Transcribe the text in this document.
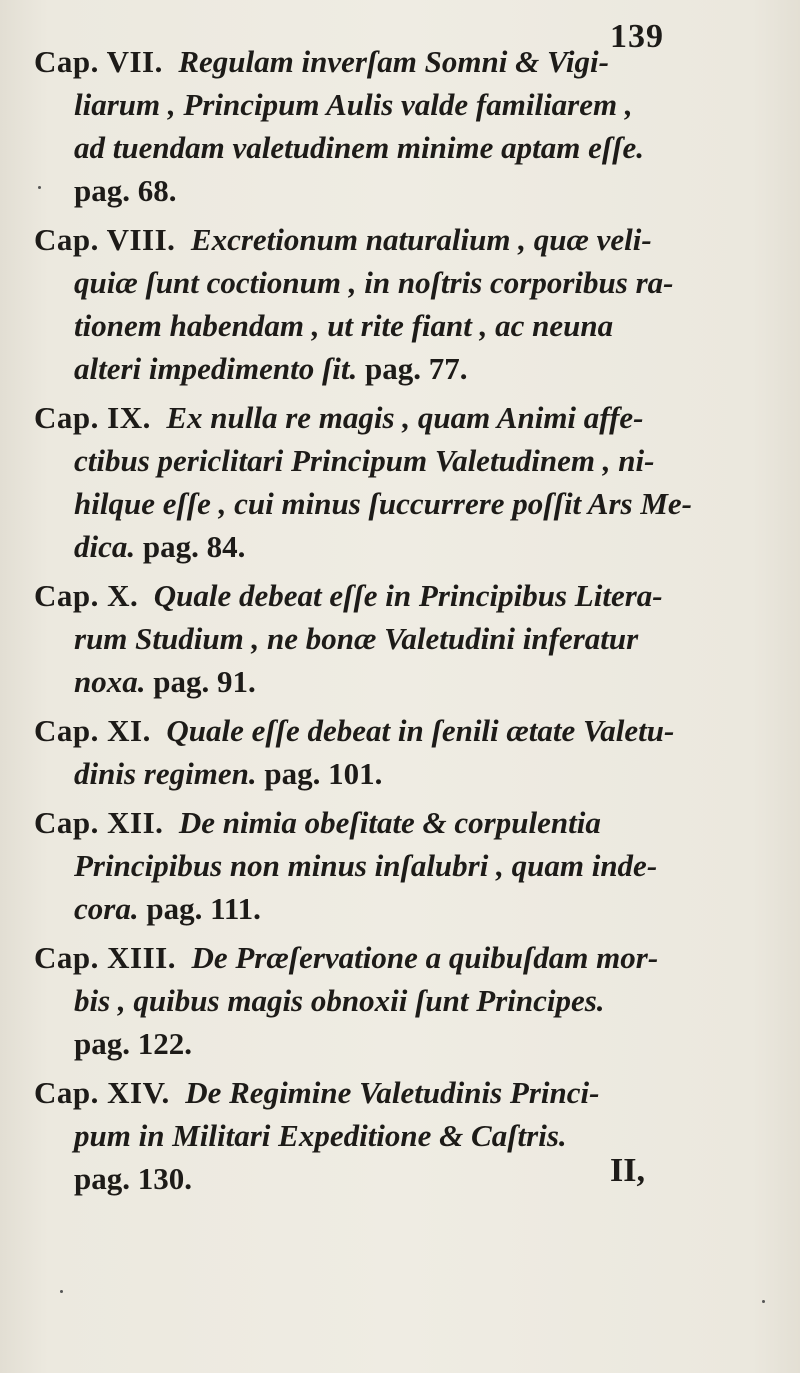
139
Cap. VII.  Regulam inverſam Somni & Vigi-
liarum , Principum Aulis valde familiarem ,
ad tuendam valetudinem minime aptam eſſe.
pag. 68.
Cap. VIII.  Excretionum naturalium , quæ veli-
quiæ ſunt coctionum , in noſtris corporibus ra-
tionem habendam , ut rite fiant , ac neuna
alteri impedimento ſit. pag. 77.
Cap. IX.  Ex nulla re magis , quam Animi affe-
ctibus periclitari Principum Valetudinem , ni-
hilque eſſe , cui minus ſuccurrere poſſit Ars Me-
dica. pag. 84.
Cap. X.  Quale debeat eſſe in Principibus Litera-
rum Studium , ne bonæ Valetudini inferatur
noxa. pag. 91.
Cap. XI.  Quale eſſe debeat in ſenili ætate Valetu-
dinis regimen. pag. 101.
Cap. XII.  De nimia obeſitate & corpulentia
Principibus non minus inſalubri , quam inde-
cora. pag. 111.
Cap. XIII.  De Præſervatione a quibuſdam mor-
bis , quibus magis obnoxii ſunt Principes.
pag. 122.
Cap. XIV.  De Regimine Valetudinis Princi-
pum in Militari Expeditione & Caſtris.
pag. 130.	II,
